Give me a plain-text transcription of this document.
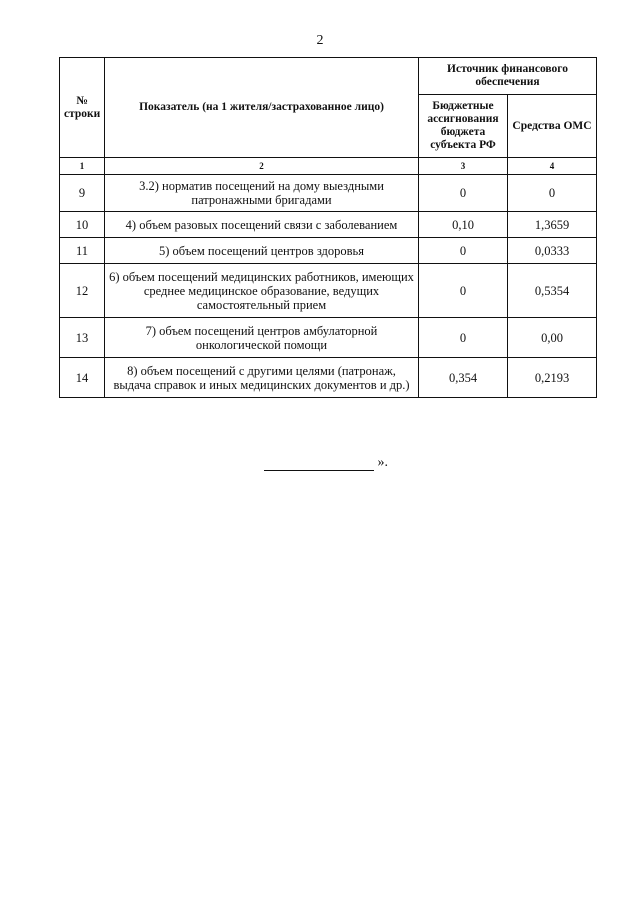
2
№ строки	Показатель (на 1 жителя/застрахованное лицо)	Источник финансового обеспечения	
		Бюджетные ассигнования бюджета субъекта РФ	Средства ОМС
1	2	3	4
9	3.2) норматив посещений на дому выездными патронажными бригадами	0	0
10	4) объем разовых посещений связи с заболеванием	0,10	1,3659
11	5) объем посещений центров здоровья	0	0,0333
12	6) объем посещений медицинских работников, имеющих среднее медицинское образование, ведущих самостоятельный прием	0	0,5354
13	7) объем посещений центров амбулаторной онкологической помощи	0	0,00
14	8) объем посещений с другими целями (патронаж, выдача справок и иных медицинских документов и др.)	0,354	0,2193
».
